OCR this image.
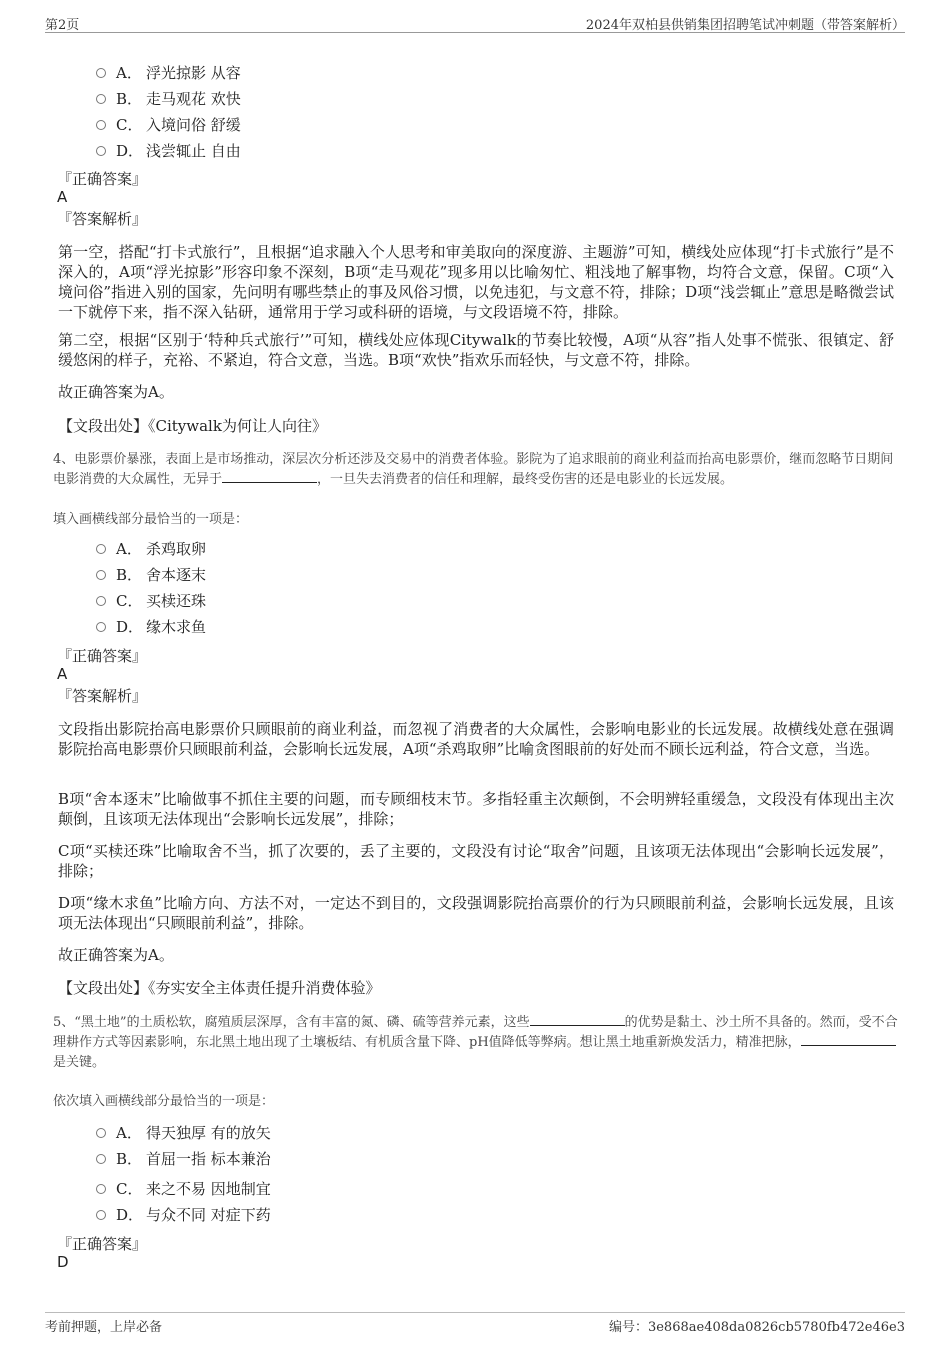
第2页	2024年双柏县供销集团招聘笔试冲刺题（带答案解析）
A． 浮光掠影 从容
B． 走马观花 欢快
C． 入境问俗 舒缓
D． 浅尝辄止 自由
『正确答案』
A
『答案解析』
第一空，搭配“打卡式旅行”，且根据“追求融入个人思考和审美取向的深度游、主题游”可知，横线处应体现“打卡式旅行”是不深入的，A项“浮光掠影”形容印象不深刻，B项“走马观花”现多用以比喻匆忙、粗浅地了解事物，均符合文意，保留。C项“入境问俗”指进入别的国家，先问明有哪些禁止的事及风俗习惯，以免违犯，与文意不符，排除；D项“浅尝辄止”意思是略微尝试一下就停下来，指不深入钻研，通常用于学习或科研的语境，与文段语境不符，排除。
第二空，根据“区别于‘特种兵式旅行’”可知，横线处应体现Citywalk的节奏比较慢，A项“从容”指人处事不慌张、很镇定、舒缓悠闲的样子，充裕、不紧迫，符合文意，当选。B项“欢快”指欢乐而轻快，与文意不符，排除。
故正确答案为A。
【文段出处】《Citywalk为何让人向往》
4、电影票价暴涨，表面上是市场推动，深层次分析还涉及交易中的消费者体验。影院为了追求眼前的商业利益而抬高电影票价，继而忽略节日期间电影消费的大众属性，无异于	，一旦失去消费者的信任和理解，最终受伤害的还是电影业的长远发展。
填入画横线部分最恰当的一项是：
A． 杀鸡取卵
B． 舍本逐末
C． 买椟还珠
D． 缘木求鱼
『正确答案』
A
『答案解析』
文段指出影院抬高电影票价只顾眼前的商业利益，而忽视了消费者的大众属性，会影响电影业的长远发展。故横线处意在强调影院抬高电影票价只顾眼前利益，会影响长远发展，A项“杀鸡取卵”比喻贪图眼前的好处而不顾长远利益，符合文意，当选。
B项“舍本逐末”比喻做事不抓住主要的问题，而专顾细枝末节。多指轻重主次颠倒，不会明辨轻重缓急，文段没有体现出主次颠倒，且该项无法体现出“会影响长远发展”，排除；
C项“买椟还珠”比喻取舍不当，抓了次要的，丢了主要的，文段没有讨论“取舍”问题，且该项无法体现出“会影响长远发展”，排除；
D项“缘木求鱼”比喻方向、方法不对，一定达不到目的，文段强调影院抬高票价的行为只顾眼前利益，会影响长远发展，且该项无法体现出“只顾眼前利益”，排除。
故正确答案为A。
【文段出处】《夯实安全主体责任提升消费体验》
5、“黑土地”的土质松软，腐殖质层深厚，含有丰富的氮、磷、硫等营养元素，这些	的优势是黏土、沙土所不具备的。然而，受不合理耕作方式等因素影响，东北黑土地出现了土壤板结、有机质含量下降、pH值降低等弊病。想让黑土地重新焕发活力，精准把脉，是关键。
依次填入画横线部分最恰当的一项是：
A． 得天独厚 有的放矢
B． 首屈一指 标本兼治
C． 来之不易 因地制宜
D． 与众不同 对症下药
『正确答案』
D
考前押题，上岸必备	编号：3e868ae408da0826cb5780fb472e46e3
